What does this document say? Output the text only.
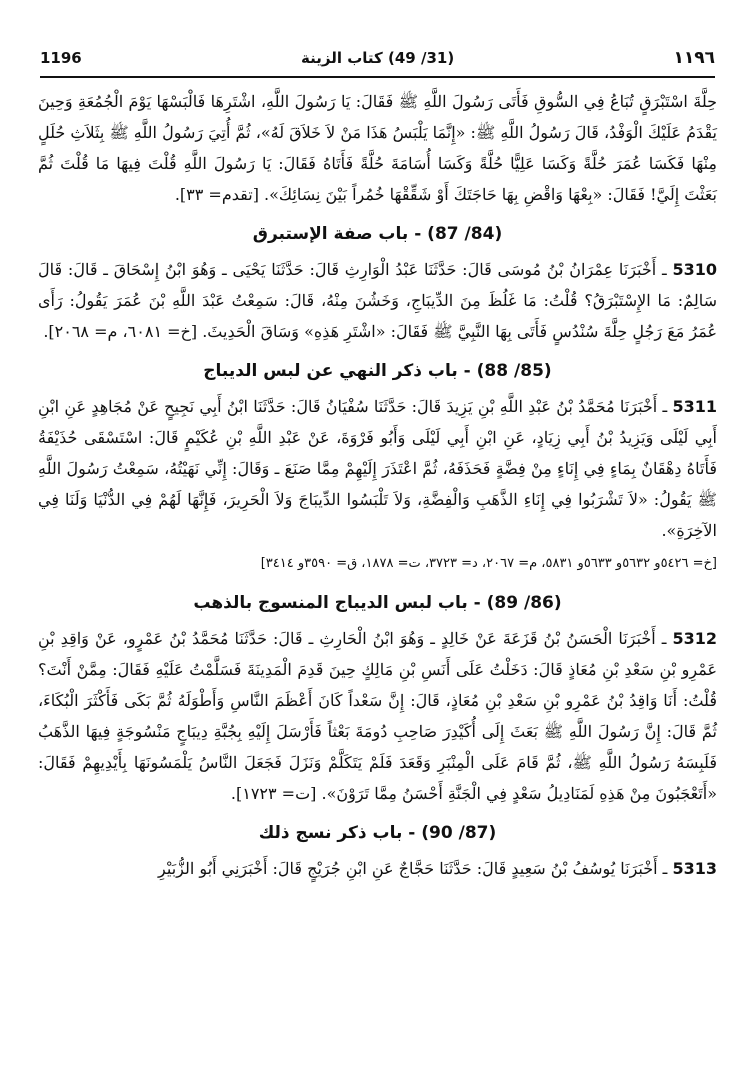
1196	(31/ 49) كتاب الزينة	١١٩٦

حِلَّةَ اسْتَبْرَقٍ تُبَاعُ فِي السُّوقِ فَأَتَى رَسُولَ اللَّهِ ﷺ فَقَالَ: يَا رَسُولَ اللَّهِ، اشْتَرِهَا فَالْبَسْهَا يَوْمَ الْجُمُعَةِ وَحِينَ يَقْدَمُ عَلَيْكَ الْوَفْدُ، قَالَ رَسُولُ اللَّهِ ﷺ: «إِنَّمَا يَلْبَسُ هَذَا مَنْ لاَ خَلاَقَ لَهُ»، ثُمَّ أُتِيَ رَسُولُ اللَّهِ ﷺ بِثَلاَثِ حُلَلٍ مِنْهَا فَكَسَا عُمَرَ حُلَّةً وَكَسَا عَلِيًّا حُلَّةً وَكَسَا أُسَامَةَ حُلَّةً فَأَتَاهُ فَقَالَ: يَا رَسُولَ اللَّهِ قُلْتَ فِيهَا مَا قُلْتَ ثُمَّ بَعَثْتَ إِلَيَّ! فَقَالَ: «بِعْهَا وَاقْضِ بِهَا حَاجَتَكَ أَوْ شَقِّقْهَا خُمُراً بَيْنَ نِسَائِكَ». [تقدم= ٣٣].

(84/ 87) - باب صفة الإستبرق

5310 ـ أَخْبَرَنَا عِمْرَانُ بْنُ مُوسَى قَالَ: حَدَّثَنَا عَبْدُ الْوَارِثِ قَالَ: حَدَّثَنَا يَحْيَى ـ وَهُوَ ابْنُ إِسْحَاقَ ـ قَالَ: قَالَ سَالِمٌ: مَا الإِسْتَبْرَقُ؟ قُلْتُ: مَا غَلُظَ مِنَ الدِّيبَاجِ، وَخَشُنَ مِنْهُ، قَالَ: سَمِعْتُ عَبْدَ اللَّهِ بْنَ عُمَرَ يَقُولُ: رَأَى عُمَرُ مَعَ رَجُلٍ حِلَّةَ سُنْدُسٍ فَأَتَى بِهَا النَّبِيَّ ﷺ فَقَالَ: «اشْتَرِ هَذِهِ» وَسَاقَ الْحَدِيثَ. [خ= ٦٠٨١، م= ٢٠٦٨].

(85/ 88) - باب ذكر النهي عن لبس الديباج

5311 ـ أَخْبَرَنَا مُحَمَّدُ بْنُ عَبْدِ اللَّهِ بْنِ يَزِيدَ قَالَ: حَدَّثَنَا سُفْيَانُ قَالَ: حَدَّثَنَا ابْنُ أَبِي نَجِيحٍ عَنْ مُجَاهِدٍ عَنِ ابْنِ أَبِي لَيْلَى وَيَزِيدُ بْنُ أَبِي زِيَادٍ، عَنِ ابْنِ أَبِي لَيْلَى وَأَبُو فَرْوَةَ، عَنْ عَبْدِ اللَّهِ بْنِ عُكَيْمٍ قَالَ: اسْتَسْقَى حُذَيْفَةُ فَأَتَاهُ دِهْقَانٌ بِمَاءٍ فِي إِنَاءٍ مِنْ فِضَّةٍ فَحَذَفَهُ، ثُمَّ اعْتَذَرَ إِلَيْهِمْ مِمَّا صَنَعَ ـ وَقَالَ: إِنِّي نَهَيْتُهُ، سَمِعْتُ رَسُولَ اللَّهِ ﷺ يَقُولُ: «لاَ تَشْرَبُوا فِي إِنَاءِ الذَّهَبِ وَالْفِضَّةِ، وَلاَ تَلْبَسُوا الدِّيبَاجَ وَلاَ الْحَرِيرَ، فَإِنَّهَا لَهُمْ فِي الدُّنْيَا وَلَنَا فِي الآخِرَةِ».

[خ= ٥٤٢٦و ٥٦٣٢و ٥٦٣٣و ٥٨٣١، م= ٢٠٦٧، د= ٣٧٢٣، ت= ١٨٧٨، ق= ٣٥٩٠و ٣٤١٤]

(86/ 89) - باب لبس الديباج المنسوج بالذهب

5312 ـ أَخْبَرَنَا الْحَسَنُ بْنُ قَزَعَةَ عَنْ خَالِدٍ ـ وَهُوَ ابْنُ الْحَارِثِ ـ قَالَ: حَدَّثَنَا مُحَمَّدُ بْنُ عَمْرٍو، عَنْ وَاقِدِ بْنِ عَمْرِو بْنِ سَعْدِ بْنِ مُعَاذٍ قَالَ: دَخَلْتُ عَلَى أَنَسِ بْنِ مَالِكٍ حِينَ قَدِمَ الْمَدِينَةَ فَسَلَّمْتُ عَلَيْهِ فَقَالَ: مِمَّنْ أَنْتَ؟ قُلْتُ: أَنَا وَاقِدُ بْنُ عَمْرِو بْنِ سَعْدِ بْنِ مُعَاذٍ، قَالَ: إِنَّ سَعْداً كَانَ أَعْظَمَ النَّاسِ وَأَطْوَلَهُ ثُمَّ بَكَى فَأَكْثَرَ الْبُكَاءَ، ثُمَّ قَالَ: إِنَّ رَسُولَ اللَّهِ ﷺ بَعَثَ إِلَى أُكَيْدِرَ صَاحِبِ دُومَةَ بَعْثاً فَأَرْسَلَ إِلَيْهِ بِجُبَّةِ دِيبَاجٍ مَنْسُوجَةٍ فِيهَا الذَّهَبُ فَلَبِسَهُ رَسُولُ اللَّهِ ﷺ، ثُمَّ قَامَ عَلَى الْمِنْبَرِ وَقَعَدَ فَلَمْ يَتَكَلَّمْ وَنَزَلَ فَجَعَلَ النَّاسُ يَلْمَسُونَهَا بِأَيْدِيهِمْ فَقَالَ: «أَتَعْجَبُونَ مِنْ هَذِهِ لَمَنَادِيلُ سَعْدٍ فِي الْجَنَّةِ أَحْسَنُ مِمَّا تَرَوْنَ». [ت= ١٧٢٣].

(87/ 90) - باب ذكر نسج ذلك

5313 ـ أَخْبَرَنَا يُوسُفُ بْنُ سَعِيدٍ قَالَ: حَدَّثَنَا حَجَّاجٌ عَنِ ابْنِ جُرَيْجٍ قَالَ: أَخْبَرَنِي أَبُو الزُّبَيْرِ
